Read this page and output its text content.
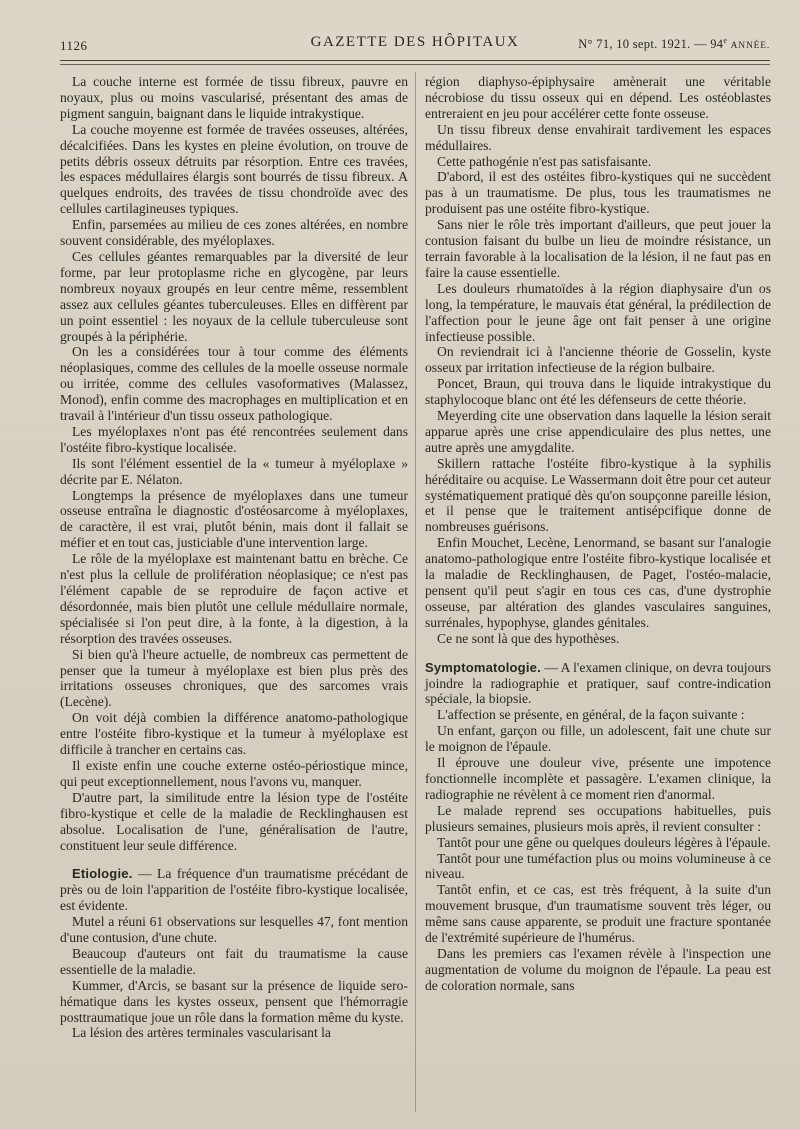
1126	GAZETTE DES HÔPITAUX	N° 71, 10 sept. 1921. — 94e ANNÉE.

La couche interne est formée de tissu fibreux, pauvre en noyaux, plus ou moins vascularisé, présentant des amas de pigment sanguin, baignant dans le liquide intrakystique.

La couche moyenne est formée de travées osseuses, altérées, décalcifiées. Dans les kystes en pleine évolution, on trouve de petits débris osseux détruits par résorption. Entre ces travées, les espaces médullaires élargis sont bourrés de tissu fibreux. A quelques endroits, des travées de tissu chondroïde avec des cellules cartilagineuses typiques.

Enfin, parsemées au milieu de ces zones altérées, en nombre souvent considérable, des myéloplaxes.

Ces cellules géantes remarquables par la diversité de leur forme, par leur protoplasme riche en glycogène, par leurs nombreux noyaux groupés en leur centre même, ressemblent assez aux cellules géantes tuberculeuses. Elles en diffèrent par un point essentiel : les noyaux de la cellule tuberculeuse sont groupés à la périphérie.

On les a considérées tour à tour comme des éléments néoplasiques, comme des cellules de la moelle osseuse normale ou irritée, comme des cellules vasoformatives (Malassez, Monod), enfin comme des macrophages en multiplication et en travail à l'intérieur d'un tissu osseux pathologique.

Les myéloplaxes n'ont pas été rencontrées seulement dans l'ostéite fibro-kystique localisée.

Ils sont l'élément essentiel de la « tumeur à myéloplaxe » décrite par E. Nélaton.

Longtemps la présence de myéloplaxes dans une tumeur osseuse entraîna le diagnostic d'ostéosarcome à myéloplaxes, de caractère, il est vrai, plutôt bénin, mais dont il fallait se méfier et en tout cas, justiciable d'une intervention large.

Le rôle de la myéloplaxe est maintenant battu en brèche. Ce n'est plus la cellule de prolifération néoplasique; ce n'est pas l'élément capable de se reproduire de façon active et désordonnée, mais bien plutôt une cellule médullaire normale, spécialisée si l'on peut dire, à la fonte, à la digestion, à la résorption des travées osseuses.

Si bien qu'à l'heure actuelle, de nombreux cas permettent de penser que la tumeur à myéloplaxe est bien plus près des irritations osseuses chroniques, que des sarcomes vrais (Lecène).

On voit déjà combien la différence anatomo-pathologique entre l'ostéite fibro-kystique et la tumeur à myéloplaxe est difficile à trancher en certains cas.

Il existe enfin une couche externe ostéo-périostique mince, qui peut exceptionnellement, nous l'avons vu, manquer.

D'autre part, la similitude entre la lésion type de l'ostéite fibro-kystique et celle de la maladie de Recklinghausen est absolue. Localisation de l'une, généralisation de l'autre, constituent leur seule différence.

Etiologie. — La fréquence d'un traumatisme précédant de près ou de loin l'apparition de l'ostéite fibro-kystique localisée, est évidente.

Mutel a réuni 61 observations sur lesquelles 47, font mention d'une contusion, d'une chute.

Beaucoup d'auteurs ont fait du traumatisme la cause essentielle de la maladie.

Kummer, d'Arcis, se basant sur la présence de liquide sero-hématique dans les kystes osseux, pensent que l'hémorragie posttraumatique joue un rôle dans la formation même du kyste.

La lésion des artères terminales vascularisant la

région diaphyso-épiphysaire amènerait une véritable nécrobiose du tissu osseux qui en dépend. Les ostéoblastes entreraient en jeu pour accélérer cette fonte osseuse.

Un tissu fibreux dense envahirait tardivement les espaces médullaires.

Cette pathogénie n'est pas satisfaisante.

D'abord, il est des ostéites fibro-kystiques qui ne succèdent pas à un traumatisme. De plus, tous les traumatismes ne produisent pas une ostéite fibro-kystique.

Sans nier le rôle très important d'ailleurs, que peut jouer la contusion faisant du bulbe un lieu de moindre résistance, un terrain favorable à la localisation de la lésion, il ne faut pas en faire la cause essentielle.

Les douleurs rhumatoïdes à la région diaphysaire d'un os long, la température, le mauvais état général, la prédilection de l'affection pour le jeune âge ont fait penser à une origine infectieuse possible.

On reviendrait ici à l'ancienne théorie de Gosselin, kyste osseux par irritation infectieuse de la région bulbaire.

Poncet, Braun, qui trouva dans le liquide intrakystique du staphylocoque blanc ont été les défenseurs de cette théorie.

Meyerding cite une observation dans laquelle la lésion serait apparue après une crise appendiculaire des plus nettes, une autre après une amygdalite.

Skillern rattache l'ostéite fibro-kystique à la syphilis héréditaire ou acquise. Le Wassermann doit être pour cet auteur systématiquement pratiqué dès qu'on soupçonne pareille lésion, et il pense que le traitement antisépcifique donne de nombreuses guérisons.

Enfin Mouchet, Lecène, Lenormand, se basant sur l'analogie anatomo-pathologique entre l'ostéite fibro-kystique localisée et la maladie de Recklinghausen, de Paget, l'ostéo-malacie, pensent qu'il peut s'agir en tous ces cas, d'une dystrophie osseuse, par altération des glandes vasculaires sanguines, surrénales, hypophyse, glandes génitales.

Ce ne sont là que des hypothèses.

Symptomatologie. — A l'examen clinique, on devra toujours joindre la radiographie et pratiquer, sauf contre-indication spéciale, la biopsie.

L'affection se présente, en général, de la façon suivante :

Un enfant, garçon ou fille, un adolescent, fait une chute sur le moignon de l'épaule.

Il éprouve une douleur vive, présente une impotence fonctionnelle incomplète et passagère. L'examen clinique, la radiographie ne révèlent à ce moment rien d'anormal.

Le malade reprend ses occupations habituelles, puis plusieurs semaines, plusieurs mois après, il revient consulter :

Tantôt pour une gêne ou quelques douleurs légères à l'épaule.

Tantôt pour une tuméfaction plus ou moins volumineuse à ce niveau.

Tantôt enfin, et ce cas, est très fréquent, à la suite d'un mouvement brusque, d'un traumatisme souvent très léger, ou même sans cause apparente, se produit une fracture spontanée de l'extrémité supérieure de l'humérus.

Dans les premiers cas l'examen révèle à l'inspection une augmentation de volume du moignon de l'épaule. La peau est de coloration normale, sans
